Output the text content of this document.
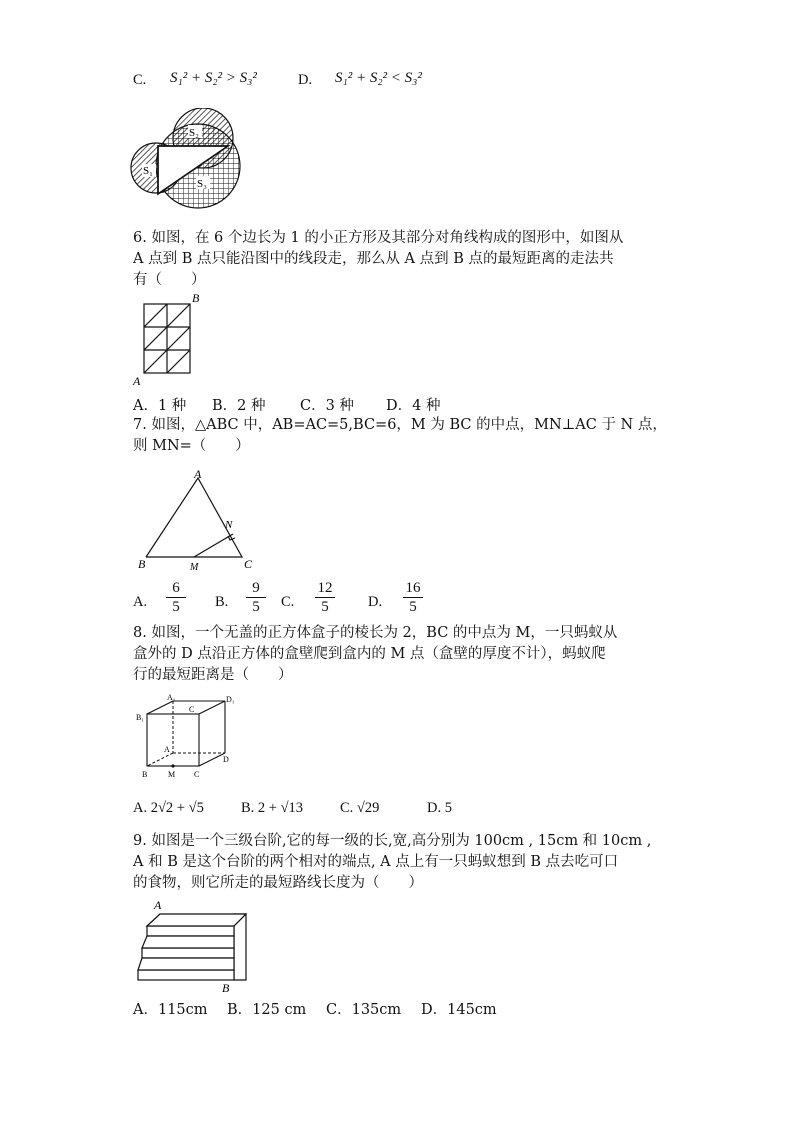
C. S₁² + S₂² > S₃²	D. S₁² + S₂² < S₃²
S₂
S₁
S₃
6. 如图，在 6 个边长为 1 的小正方形及其部分对角线构成的图形中，如图从
A 点到 B 点只能沿图中的线段走，那么从 A 点到 B 点的最短距离的走法共
有（　　）
B
A
A．1 种 B．2 种 C．3 种 D．4 种
7. 如图，△ABC 中，AB=AC=5,BC=6，M 为 BC 的中点，MN⊥AC 于 N 点，
则 MN=（　　）
A
B	C
M
N
A. $\frac{6}{5} B$. $\frac{9}{5} C$. $\frac{12}{5} D$. $\frac{16}{5}$
8. 如图，一个无盖的正方体盒子的棱长为 2，BC 的中点为 M，一只蚂蚁从
盒外的 D 点沿正方体的盒壁爬到盒内的 M 点（盒壁的厚度不计），蚂蚁爬
行的最短距离是（　　）
A₁
B₁
C
D₁
A
B	M C
D
A. 2√2 + √5	B. 2 + √13	C. √29	D. 5
9. 如图是一个三级台阶,它的每一级的长,宽,高分别为 100cm , 15cm 和 10cm ,
A 和 B 是这个台阶的两个相对的端点, A 点上有一只蚂蚁想到 B 点去吃可口
的食物，则它所走的最短路线长度为（　　）
A
B
A．115cm B．125 cm C．135cm D．145cm
